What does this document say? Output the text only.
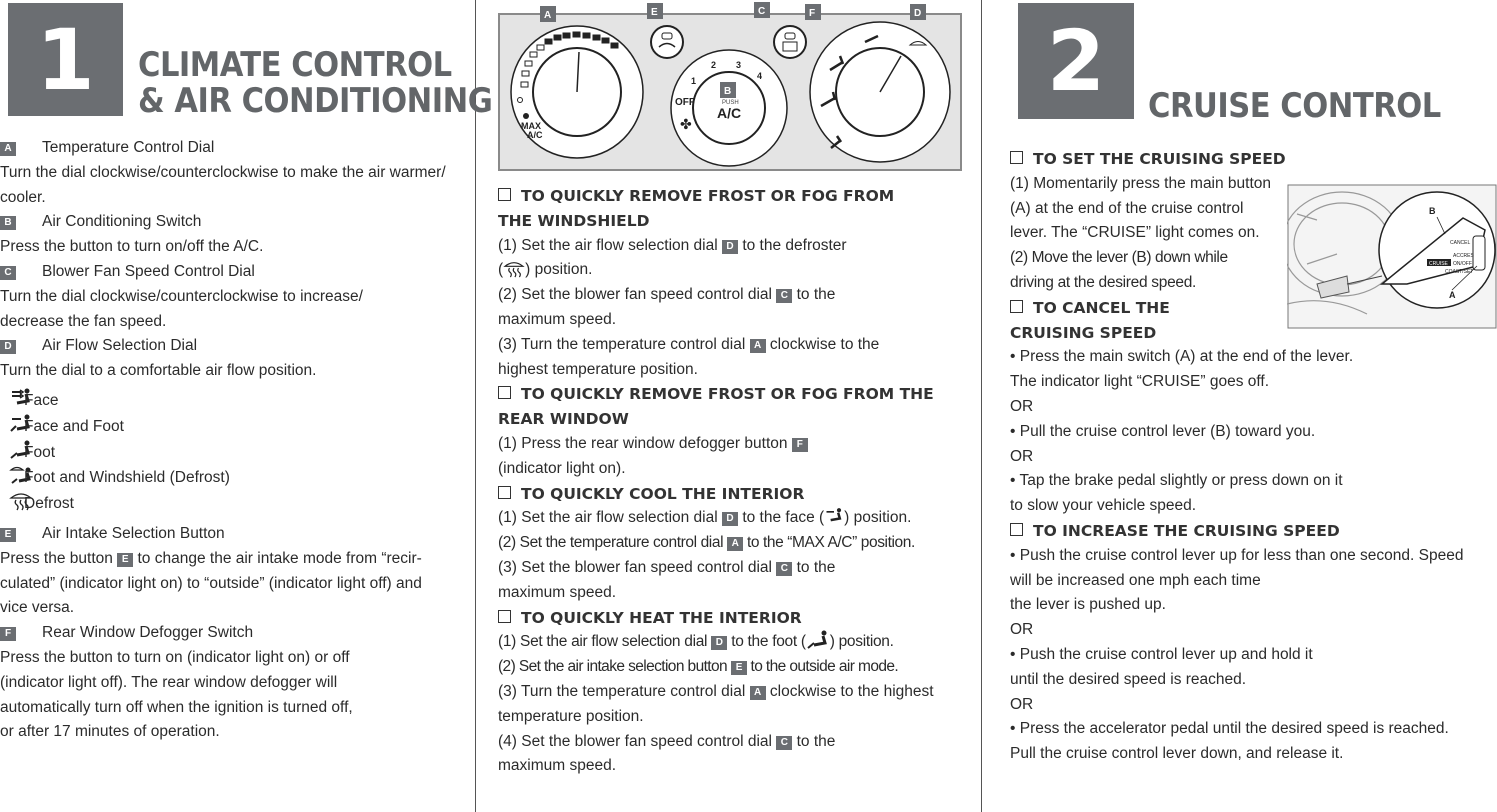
1 CLIMATE CONTROL
& AIR CONDITIONING
A Temperature Control Dial
Turn the dial clockwise/counterclockwise to make the air warmer/
cooler.
B Air Conditioning Switch
Press the button to turn on/off the A/C.
C Blower Fan Speed Control Dial
Turn the dial clockwise/counterclockwise to increase/
decrease the fan speed.
D Air Flow Selection Dial
Turn the dial to a comfortable air flow position.
Face
Face and Foot
Foot
Foot and Windshield (Defrost)
Defrost
E Air Intake Selection Button
Press the button E to change the air intake mode from “recir-
culated” (indicator light on) to “outside” (indicator light off) and
vice versa.
F Rear Window Defogger Switch
Press the button to turn on (indicator light on) or off
(indicator light off). The rear window defogger will
automatically turn off when the ignition is turned off,
or after 17 minutes of operation.
MAX
A/C
1
2 3
4
OFF
✤
PUSH
A/C
A	E	C	F	D
B
TO QUICKLY REMOVE FROST OR FOG FROM
THE WINDSHIELD
(1) Set the air flow selection dial D to the defroster
( ) position.
(2) Set the blower fan speed control dial C to the
maximum speed.
(3) Turn the temperature control dial A clockwise to the
highest temperature position.
TO QUICKLY REMOVE FROST OR FOG FROM THE
REAR WINDOW
(1) Press the rear window defogger button F
(indicator light on).
TO QUICKLY COOL THE INTERIOR
(1) Set the air flow selection dial D to the face ( ) position.
(2) Set the temperature control dial A to the “MAX A/C” position.
(3) Set the blower fan speed control dial C to the
maximum speed.
TO QUICKLY HEAT THE INTERIOR
(1) Set the air flow selection dial D to the foot ( ) position.
(2) Set the air intake selection button E to the outside air mode.
(3) Turn the temperature control dial A clockwise to the highest
temperature position.
(4) Set the blower fan speed control dial C to the
maximum speed.
2 CRUISE CONTROL
TO SET THE CRUISING SPEED
(1) Momentarily press the main button
(A) at the end of the cruise control
lever. The “CRUISE” light comes on.
(2) Move the lever (B) down while
driving at the desired speed.
TO CANCEL THE
CRUISING SPEED
• Press the main switch (A) at the end of the lever.
The indicator light “CRUISE” goes off.
OR
• Pull the cruise control lever (B) toward you.
OR
• Tap the brake pedal slightly or press down on it
to slow your vehicle speed.
TO INCREASE THE CRUISING SPEED
• Push the cruise control lever up for less than one second. Speed
will be increased one mph each time
the lever is pushed up.
OR
• Push the cruise control lever up and hold it
until the desired speed is reached.
OR
• Press the accelerator pedal until the desired speed is reached.
Pull the cruise control lever down, and release it.
B
A
CANCEL
ACCRES
CRUISE ON/OFF
COAST/SET
